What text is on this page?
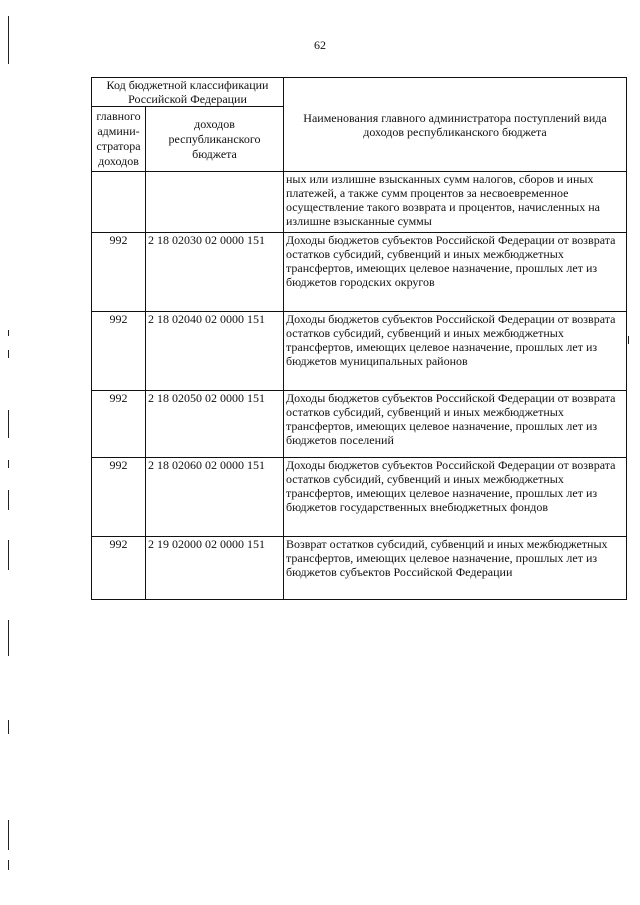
62
Код бюджетной классификации Российской Федерации		Наименования главного администратора поступлений вида доходов республиканского бюджета
главного админи-стратора доходов	доходов республиканского бюджета	
		ных или излишне взысканных сумм налогов, сборов и иных платежей, а также сумм процентов за несвоевременное осуществление такого возврата и процентов, начисленных на излишне взысканные суммы
992	2 18 02030 02 0000 151	Доходы бюджетов субъектов Российской Федерации от возврата остатков субсидий, субвенций и иных межбюджетных трансфертов, имеющих целевое назначение, прошлых лет из бюджетов городских округов
992	2 18 02040 02 0000 151	Доходы бюджетов субъектов Российской Федерации от возврата остатков субсидий, субвенций и иных межбюджетных трансфертов, имеющих целевое назначение, прошлых лет из бюджетов муниципальных районов
992	2 18 02050 02 0000 151	Доходы бюджетов субъектов Российской Федерации от возврата остатков субсидий, субвенций и иных межбюджетных трансфертов, имеющих целевое назначение, прошлых лет из бюджетов поселений
992	2 18 02060 02 0000 151	Доходы бюджетов субъектов Российской Федерации от возврата остатков субсидий, субвенций и иных межбюджетных трансфертов, имеющих целевое назначение, прошлых лет из бюджетов государственных внебюджетных фондов
992	2 19 02000 02 0000 151	Возврат остатков субсидий, субвенций и иных межбюджетных трансфертов, имеющих целевое назначение, прошлых лет из бюджетов субъектов Российской Федерации
